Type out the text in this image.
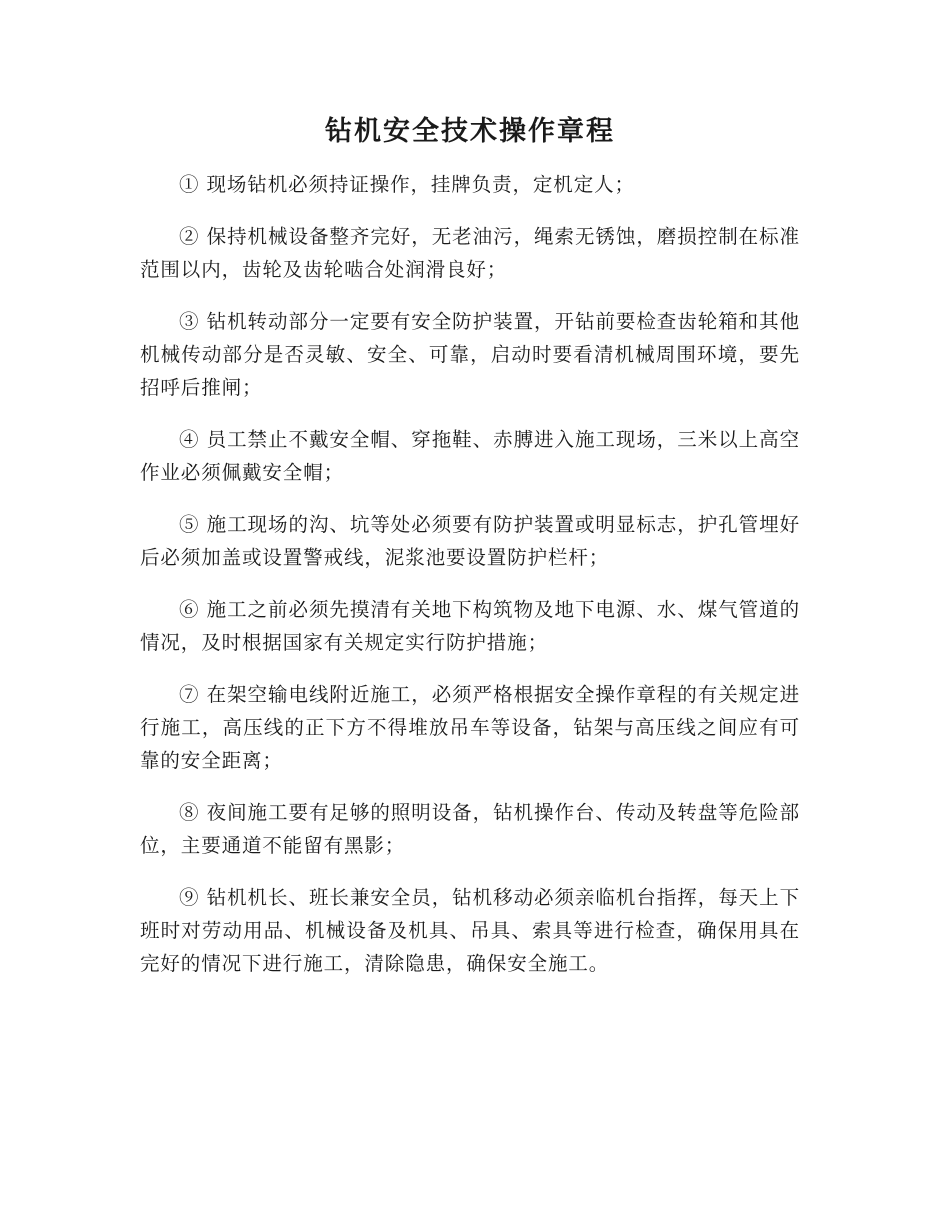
钻机安全技术操作章程

① 现场钻机必须持证操作，挂牌负责，定机定人；

② 保持机械设备整齐完好，无老油污，绳索无锈蚀，磨损控制在标准范围以内，齿轮及齿轮啮合处润滑良好；

③ 钻机转动部分一定要有安全防护装置，开钻前要检查齿轮箱和其他机械传动部分是否灵敏、安全、可靠，启动时要看清机械周围环境，要先招呼后推闸；

④ 员工禁止不戴安全帽、穿拖鞋、赤膊进入施工现场，三米以上高空作业必须佩戴安全帽；

⑤ 施工现场的沟、坑等处必须要有防护装置或明显标志，护孔管埋好后必须加盖或设置警戒线，泥浆池要设置防护栏杆；

⑥ 施工之前必须先摸清有关地下构筑物及地下电源、水、煤气管道的情况，及时根据国家有关规定实行防护措施；

⑦ 在架空输电线附近施工，必须严格根据安全操作章程的有关规定进行施工，高压线的正下方不得堆放吊车等设备，钻架与高压线之间应有可靠的安全距离；

⑧ 夜间施工要有足够的照明设备，钻机操作台、传动及转盘等危险部位，主要通道不能留有黑影；

⑨ 钻机机长、班长兼安全员，钻机移动必须亲临机台指挥，每天上下班时对劳动用品、机械设备及机具、吊具、索具等进行检查，确保用具在完好的情况下进行施工，清除隐患，确保安全施工。
